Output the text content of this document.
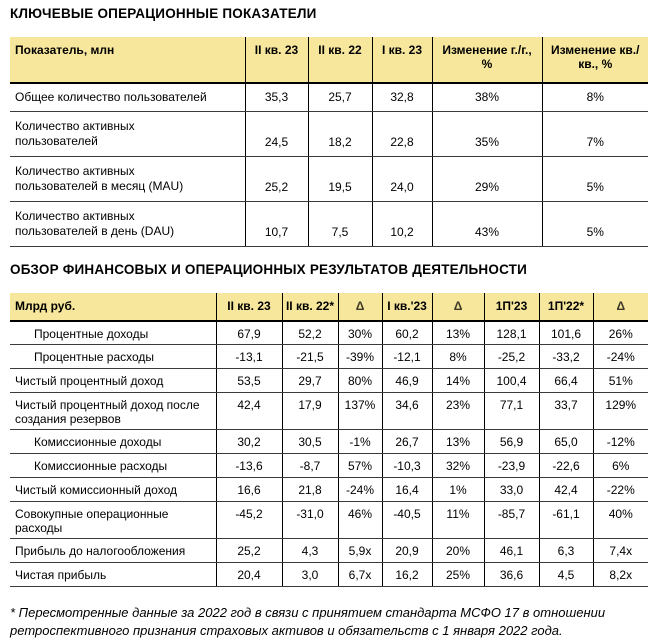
КЛЮЧЕВЫЕ ОПЕРАЦИОННЫЕ ПОКАЗАТЕЛИ
Показатель, млн	II кв. 23	II кв. 22	I кв. 23	Изменение г./г., %	Изменение кв./кв., %
Общее количество пользователей	35,3	25,7	32,8	38%	8%
Количество активных пользователей	24,5	18,2	22,8	35%	7%
Количество активных пользователей в месяц (MAU)	25,2	19,5	24,0	29%	5%
Количество активных пользователей в день (DAU)	10,7	7,5	10,2	43%	5%
ОБЗОР ФИНАНСОВЫХ И ОПЕРАЦИОННЫХ РЕЗУЛЬТАТОВ ДЕЯТЕЛЬНОСТИ
Млрд руб.	II кв. 23	II кв. 22*	Δ	I кв.'23	Δ	1П'23	1П'22*	Δ
Процентные доходы	67,9	52,2	30%	60,2	13%	128,1	101,6	26%
Процентные расходы	-13,1	-21,5	-39%	-12,1	8%	-25,2	-33,2	-24%
Чистый процентный доход	53,5	29,7	80%	46,9	14%	100,4	66,4	51%
Чистый процентный доход после создания резервов	42,4	17,9	137%	34,6	23%	77,1	33,7	129%
Комиссионные доходы	30,2	30,5	-1%	26,7	13%	56,9	65,0	-12%
Комиссионные расходы	-13,6	-8,7	57%	-10,3	32%	-23,9	-22,6	6%
Чистый комиссионный доход	16,6	21,8	-24%	16,4	1%	33,0	42,4	-22%
Совокупные операционные расходы	-45,2	-31,0	46%	-40,5	11%	-85,7	-61,1	40%
Прибыль до налогообложения	25,2	4,3	5,9x	20,9	20%	46,1	6,3	7,4x
Чистая прибыль	20,4	3,0	6,7x	16,2	25%	36,6	4,5	8,2x

* Пересмотренные данные за 2022 год в связи с принятием стандарта МСФО 17 в отношении ретроспективного признания страховых активов и обязательств с 1 января 2022 года.
